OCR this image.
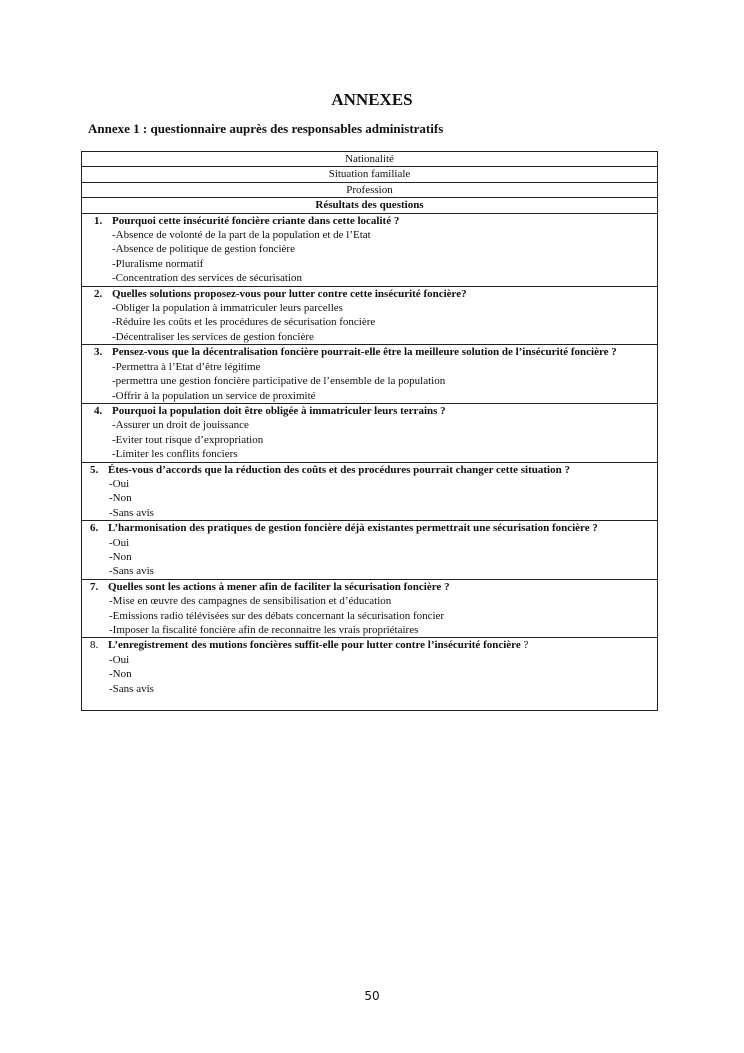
ANNEXES
Annexe 1 : questionnaire auprès des responsables administratifs
Nationalité
Situation familiale
Profession
Résultats des questions

1. Pourquoi cette insécurité foncière criante dans cette localité ?
-Absence de volonté de la part de la population et de l’Etat
-Absence de politique de gestion foncière
-Pluralisme normatif
-Concentration des services de sécurisation

2. Quelles solutions proposez-vous pour lutter contre cette insécurité foncière?
-Obliger la population à immatriculer leurs parcelles
-Réduire les coûts et les procédures de sécurisation foncière
-Décentraliser les services de gestion foncière

3. Pensez-vous que la décentralisation foncière pourrait-elle être la meilleure solution de l’insécurité foncière ?
-Permettra à l’Etat d’être légitime
-permettra une gestion foncière participative de l’ensemble de la population
-Offrir à la population un service de proximité

4. Pourquoi la population doit être obligée à immatriculer leurs terrains ?
-Assurer un droit de jouissance
-Eviter tout risque d’expropriation
-Limiter les conflits fonciers

5. Étes-vous d’accords que la réduction des coûts et des procédures pourrait changer cette situation ?
-Oui
-Non
-Sans avis

6. L’harmonisation des pratiques de gestion foncière déjà existantes permettrait une sécurisation foncière ?
-Oui
-Non
-Sans avis

7. Quelles sont les actions à mener afin de faciliter la sécurisation foncière ?
-Mise en œuvre des campagnes de sensibilisation et d’éducation
-Emissions radio télévisées sur des débats concernant la sécurisation foncier
-Imposer la fiscalité foncière afin de reconnaitre les vrais propriétaires

8. L’enregistrement des mutions foncières suffit-elle pour lutter contre l’insécurité foncière ?
-Oui
-Non
-Sans avis
50
